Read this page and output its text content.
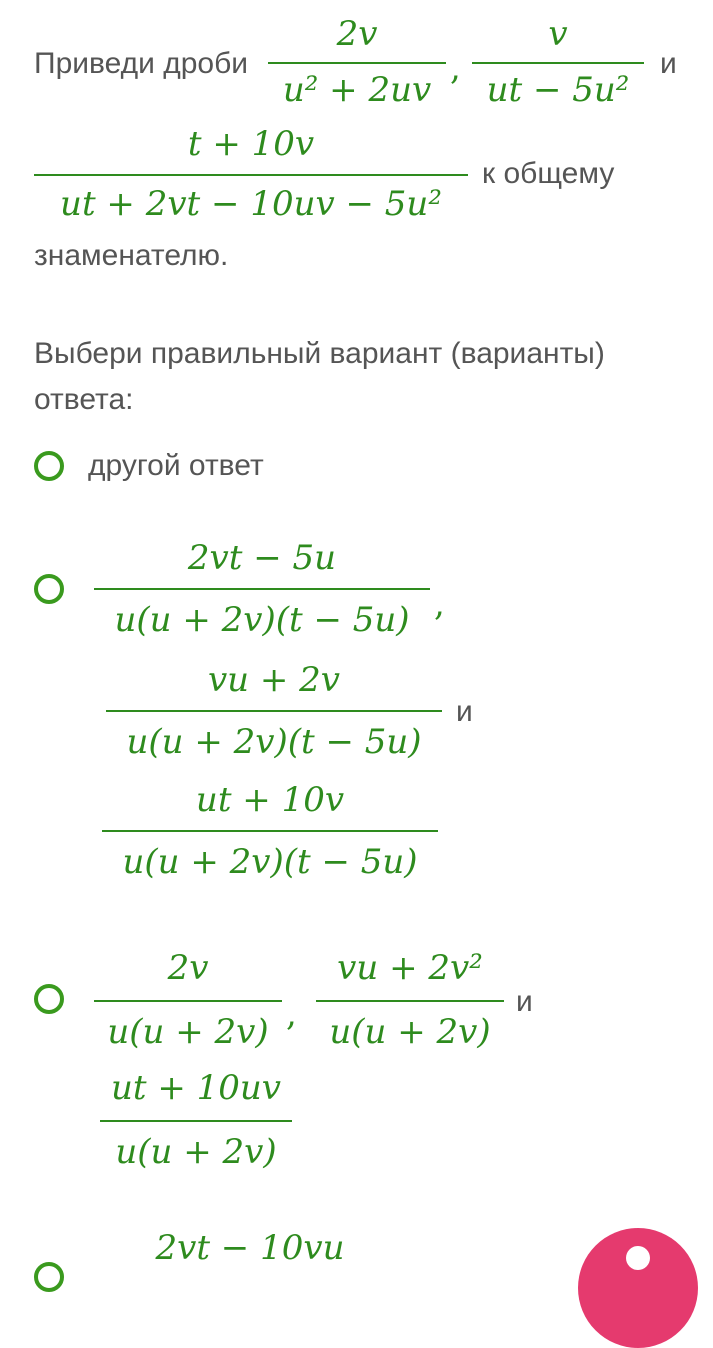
Приведи дроби
2v
u² + 2uv
,
v
ut − 5u²
и
t + 10v
ut + 2vt − 10uv − 5u²
к общему
знаменателю.
Выбери правильный вариант (варианты)
ответа:
другой ответ
2vt − 5u
u(u + 2v)(t − 5u) ,
vu + 2v
u(u + 2v)(t − 5u)
и
ut + 10v
u(u + 2v)(t − 5u)
2v
u(u + 2v) ,
vu + 2v²
u(u + 2v)
и
ut + 10uv
u(u + 2v)
2vt − 10vu
